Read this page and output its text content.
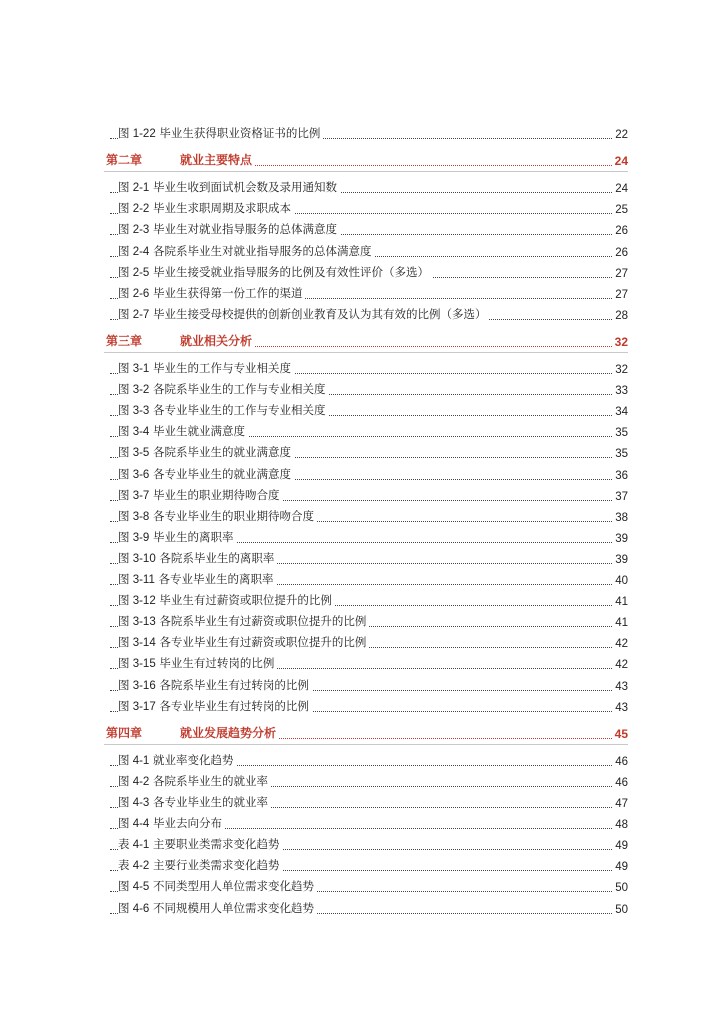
图 1-22 毕业生获得职业资格证书的比例	22
第二章	就业主要特点	24
图 2-1 毕业生收到面试机会数及录用通知数	24
图 2-2 毕业生求职周期及求职成本	25
图 2-3 毕业生对就业指导服务的总体满意度	26
图 2-4 各院系毕业生对就业指导服务的总体满意度	26
图 2-5 毕业生接受就业指导服务的比例及有效性评价（多选）	27
图 2-6 毕业生获得第一份工作的渠道	27
图 2-7 毕业生接受母校提供的创新创业教育及认为其有效的比例（多选）	28
第三章	就业相关分析	32
图 3-1 毕业生的工作与专业相关度	32
图 3-2 各院系毕业生的工作与专业相关度	33
图 3-3 各专业毕业生的工作与专业相关度	34
图 3-4 毕业生就业满意度	35
图 3-5 各院系毕业生的就业满意度	35
图 3-6 各专业毕业生的就业满意度	36
图 3-7 毕业生的职业期待吻合度	37
图 3-8 各专业毕业生的职业期待吻合度	38
图 3-9 毕业生的离职率	39
图 3-10 各院系毕业生的离职率	39
图 3-11 各专业毕业生的离职率	40
图 3-12 毕业生有过薪资或职位提升的比例	41
图 3-13 各院系毕业生有过薪资或职位提升的比例	41
图 3-14 各专业毕业生有过薪资或职位提升的比例	42
图 3-15 毕业生有过转岗的比例	42
图 3-16 各院系毕业生有过转岗的比例	43
图 3-17 各专业毕业生有过转岗的比例	43
第四章	就业发展趋势分析	45
图 4-1 就业率变化趋势	46
图 4-2 各院系毕业生的就业率	46
图 4-3 各专业毕业生的就业率	47
图 4-4 毕业去向分布	48
表 4-1 主要职业类需求变化趋势	49
表 4-2 主要行业类需求变化趋势	49
图 4-5 不同类型用人单位需求变化趋势	50
图 4-6 不同规模用人单位需求变化趋势	50
